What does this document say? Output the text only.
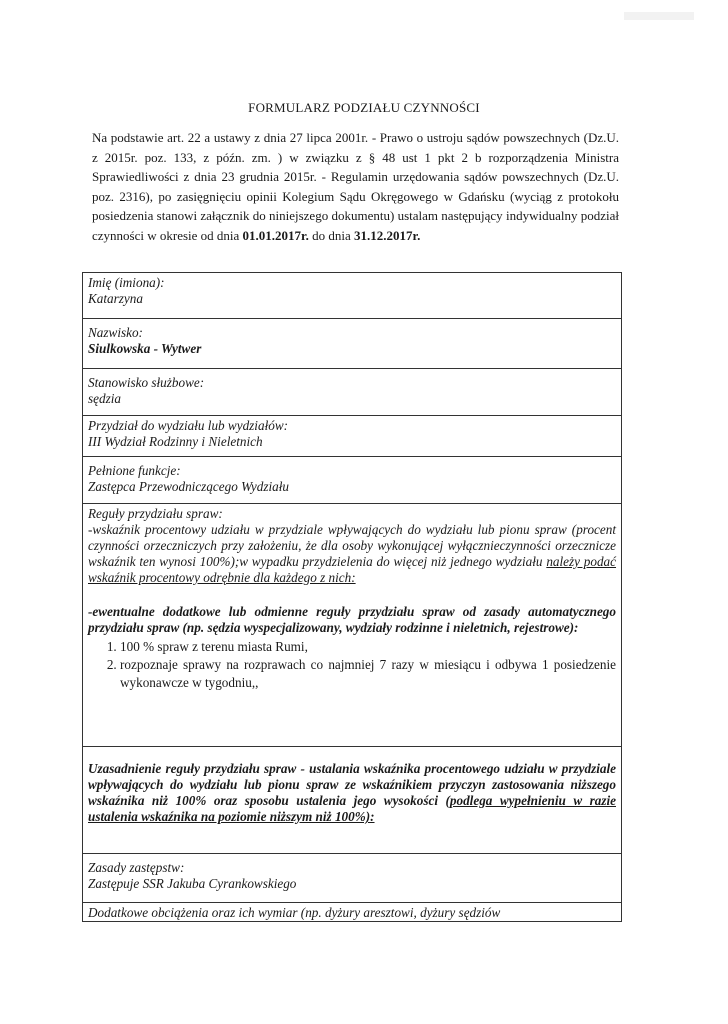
FORMULARZ PODZIAŁU CZYNNOŚCI
Na podstawie art. 22 a ustawy z dnia 27 lipca 2001r. - Prawo o ustroju sądów powszechnych (Dz.U. z 2015r. poz. 133, z późn. zm. ) w związku z § 48 ust 1 pkt 2 b rozporządzenia Ministra Sprawiedliwości z dnia 23 grudnia 2015r. - Regulamin urzędowania sądów powszechnych (Dz.U. poz. 2316), po zasięgnięciu opinii Kolegium Sądu Okręgowego w Gdańsku (wyciąg z protokołu posiedzenia stanowi załącznik do niniejszego dokumentu) ustalam następujący indywidualny podział czynności w okresie od dnia 01.01.2017r. do dnia 31.12.2017r.
Imię (imiona):
Katarzyna

Nazwisko:
Siulkowska - Wytwer

Stanowisko służbowe:
sędzia

Przydział do wydziału lub wydziałów:
III Wydział Rodzinny i Nieletnich

Pełnione funkcje:
Zastępca Przewodniczącego Wydziału

Reguły przydziału spraw:
-wskaźnik procentowy udziału w przydziale wpływających do wydziału lub pionu spraw (procent czynności orzeczniczych przy założeniu, że dla osoby wykonującej wyłącznieczynności orzecznicze wskaźnik ten wynosi 100%);w wypadku przydzielenia do więcej niż jednego wydziału należy podać wskaźnik procentowy odrębnie dla każdego z nich:
-ewentualne dodatkowe lub odmienne reguły przydziału spraw od zasady automatycznego przydziału spraw (np. sędzia wyspecjalizowany, wydziały rodzinne i nieletnich, rejestrowe):
1. 100 % spraw z terenu miasta Rumi,
2. rozpoznaje sprawy na rozprawach co najmniej 7 razy w miesiącu i odbywa 1 posiedzenie wykonawcze w tygodniu,,

Uzasadnienie reguły przydziału spraw - ustalania wskaźnika procentowego udziału w przydziale wpływających do wydziału lub pionu spraw ze wskaźnikiem przyczyn zastosowania niższego wskaźnika niż 100% oraz sposobu ustalenia jego wysokości (podlega wypełnieniu w razie ustalenia wskaźnika na poziomie niższym niż 100%):

Zasady zastępstw:
Zastępuje SSR Jakuba Cyrankowskiego

Dodatkowe obciążenia oraz ich wymiar (np. dyżury aresztowi, dyżury sędziów
